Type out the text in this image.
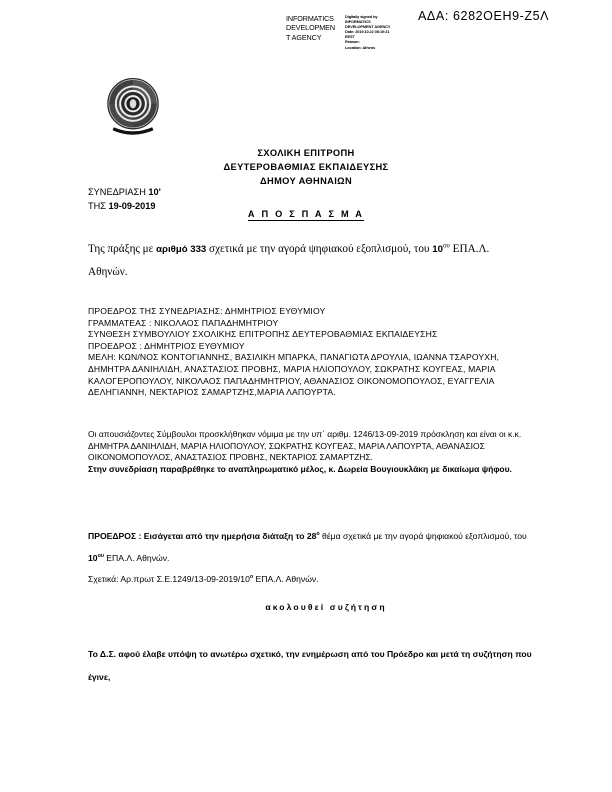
INFORMATICS
DEVELOPMEN
T AGENCY
Digitally signed by
INFORMATICS
DEVELOPMENT AGENCY
Date: 2019.10.22 08:10:21
EEST
Reason:
Location: Athens
ΑΔΑ: 6282ΟΕΗ9-Ζ5Λ
ΣΧΟΛΙΚΗ ΕΠΙΤΡΟΠΗ
ΔΕΥΤΕΡΟΒΑΘΜΙΑΣ ΕΚΠΑΙΔΕΥΣΗΣ
ΔΗΜΟΥ ΑΘΗΝΑΙΩΝ
ΣΥΝΕΔΡΙΑΣΗ 10'
ΤΗΣ 19-09-2019
Α Π Ο Σ Π Α Σ Μ Α
Της πράξης με αριθμό 333 σχετικά με την αγορά ψηφιακού εξοπλισμού, του $10^{o\upsilon}$ ΕΠΑ.Λ. Αθηνών.
ΠΡΟΕΔΡΟΣ ΤΗΣ ΣΥΝΕΔΡΙΑΣΗΣ: ΔΗΜΗΤΡΙΟΣ ΕΥΘΥΜΙΟΥ
ΓΡΑΜΜΑΤΕΑΣ : ΝΙΚΟΛΑΟΣ ΠΑΠΑΔΗΜΗΤΡΙΟΥ
ΣΥΝΘΕΣΗ ΣΥΜΒΟΥΛΙΟΥ ΣΧΟΛΙΚΗΣ ΕΠΙΤΡΟΠΗΣ ΔΕΥΤΕΡΟΒΑΘΜΙΑΣ ΕΚΠΑΙΔΕΥΣΗΣ
ΠΡΟΕΔΡΟΣ : ΔΗΜΗΤΡΙΟΣ ΕΥΘΥΜΙΟΥ
ΜΕΛΗ: ΚΩΝ/ΝΟΣ ΚΟΝΤΟΓΙΑΝΝΗΣ, ΒΑΣΙΛΙΚΗ ΜΠΑΡΚΑ, ΠΑΝΑΓΙΩΤΑ ΔΡΟΥΛΙΑ, ΙΩΑΝΝΑ ΤΣΑΡΟΥΧΗ, ΔΗΜΗΤΡΑ ΔΑΝΙΗΛΙΔΗ, ΑΝΑΣΤΑΣΙΟΣ ΠΡΟΒΗΣ, ΜΑΡΙΑ ΗΛΙΟΠΟΥΛΟΥ, ΣΩΚΡΑΤΗΣ ΚΟΥΓΕΑΣ, ΜΑΡΙΑ ΚΑΛΟΓΕΡΟΠΟΥΛΟΥ, ΝΙΚΟΛΑΟΣ ΠΑΠΑΔΗΜΗΤΡΙΟΥ, ΑΘΑΝΑΣΙΟΣ ΟΙΚΟΝΟΜΟΠΟΥΛΟΣ, ΕΥΑΓΓΕΛΙΑ ΔΕΛΗΓΙΑΝΝΗ, ΝΕΚΤΑΡΙΟΣ ΣΑΜΑΡΤΖΗΣ,ΜΑΡΙΑ ΛΑΠΟΥΡΤΑ.
Οι απουσιάζοντες Σύμβουλοι προσκλήθηκαν νόμιμα με την υπ΄ αριθμ. 1246/13-09-2019 πρόσκληση και είναι οι κ.κ. ΔΗΜΗΤΡΑ ΔΑΝΙΗΛΙΔΗ, ΜΑΡΙΑ ΗΛΙΟΠΟΥΛΟΥ, ΣΩΚΡΑΤΗΣ ΚΟΥΓΕΑΣ, ΜΑΡΙΑ ΛΑΠΟΥΡΤΑ, ΑΘΑΝΑΣΙΟΣ ΟΙΚΟΝΟΜΟΠΟΥΛΟΣ, ΑΝΑΣΤΑΣΙΟΣ ΠΡΟΒΗΣ, ΝΕΚΤΑΡΙΟΣ ΣΑΜΑΡΤΖΗΣ.
Στην συνεδρίαση παραβρέθηκε το αναπληρωματικό μέλος, κ. Δωρεία Βουγιουκλάκη με δικαίωμα ψήφου.
ΠΡΟΕΔΡΟΣ : Εισάγεται από την ημερήσια διάταξη το $28^o$ θέμα σχετικά με την αγορά ψηφιακού εξοπλισμού, του $10^{o\upsilon}$ ΕΠΑ.Λ. Αθηνών.
Σχετικά: Αρ.πρωτ $\Sigma.E.1249/13-09-2019/10^o$ ΕΠΑ.Λ. Αθηνών.
ακολουθεί συζήτηση
Το Δ.Σ. αφού έλαβε υπόψη το ανωτέρω σχετικό, την ενημέρωση από του Πρόεδρο και μετά τη συζήτηση που έγινε,
